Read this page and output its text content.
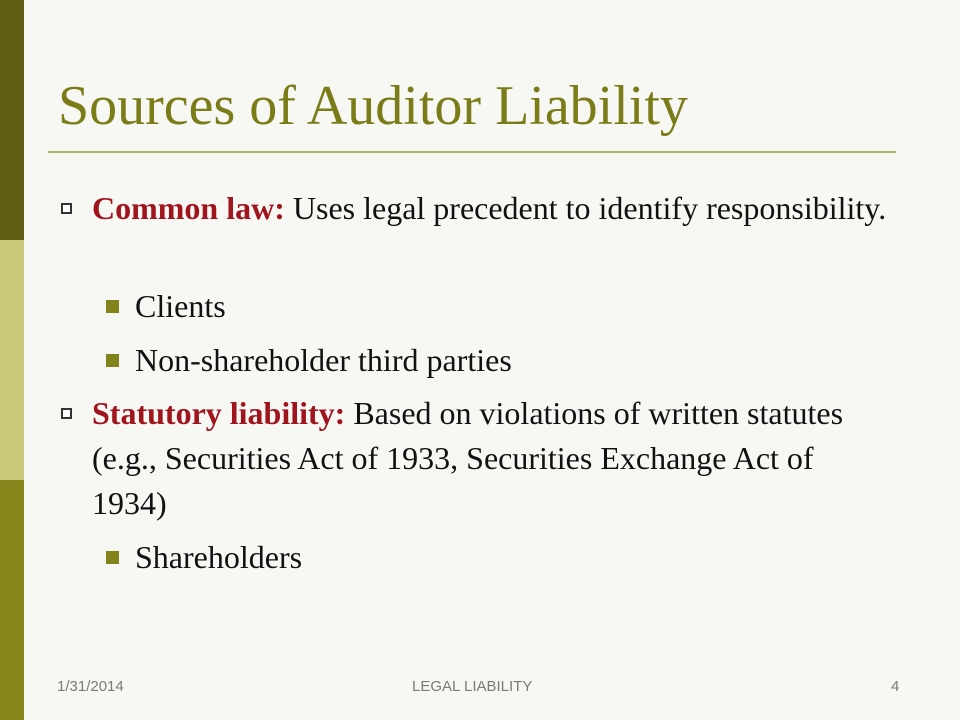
Sources of Auditor Liability
Common law: Uses legal precedent to identify responsibility.
Clients
Non-shareholder third parties
Statutory liability: Based on violations of written statutes (e.g., Securities Act of 1933, Securities Exchange Act of 1934)
Shareholders
1/31/2014	LEGAL LIABILITY	4
